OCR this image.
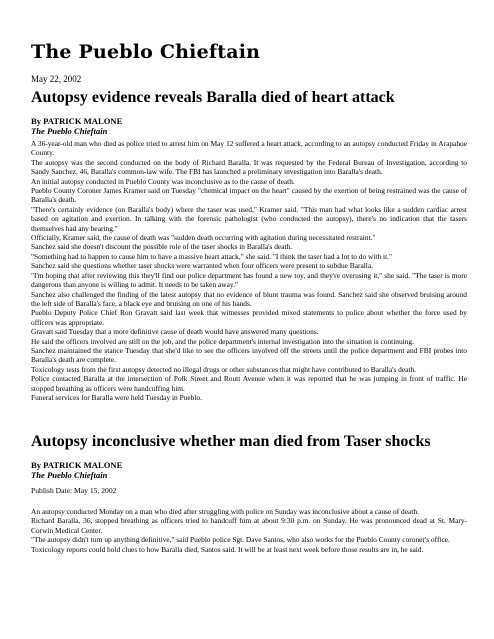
The Pueblo Chieftain
May 22, 2002
Autopsy evidence reveals Baralla died of heart attack
By PATRICK MALONE
The Pueblo Chieftain

A 36-year-old man who died as police tried to arrest him on May 12 suffered a heart attack, according to an autopsy conducted Friday in Arapahoe County.

The autopsy was the second conducted on the body of Richard Baralla. It was requested by the Federal Bureau of Investigation, according to Sandy Sanchez, 46, Baralla's common-law wife. The FBI has launched a preliminary investigation into Baralla's death.

An initial autopsy conducted in Pueblo County was inconclusive as to the cause of death.

Pueblo County Coroner James Kramer said on Tuesday "chemical impact on the heart" caused by the exertion of being restrained was the cause of Baralla's death.

"There's certainly evidence (on Baralla's body) where the taser was used," Kramer said. "This man had what looks like a sudden cardiac arrest based on agitation and exertion. In talking with the forensic pathologist (who conducted the autopsy), there's no indication that the tasers themselves had any bearing."

Officially, Kramer said, the cause of death was "sudden death occurring with agitation during necessitated restraint."

Sanchez said she doesn't discount the possible role of the taser shocks in Baralla's death.

"Something had to happen to cause him to have a massive heart attack," she said. "I think the taser had a lot to do with it."

Sanchez said she questions whether taser shocks were warranted when four officers were present to subdue Baralla.

"I'm hoping that after reviewing this they'll find our police department has found a new toy, and they're overusing it," she said. "The taser is more dangerous than anyone is willing to admit. It needs to be taken away."

Sanchez also challenged the finding of the latest autopsy that no evidence of blunt trauma was found. Sanchez said she observed bruising around the left side of Baralla's face, a black eye and bruising on one of his hands.

Pueblo Deputy Police Chief Ron Gravatt said last week that witnesses provided mixed statements to police about whether the force used by officers was appropriate.

Gravatt said Tuesday that a more definitive cause of death would have answered many questions.

He said the officers involved are still on the job, and the police department's internal investigation into the situation is continuing.

Sanchez maintained the stance Tuesday that she'd like to see the officers involved off the streets until the police department and FBI probes into Baralla's death are complete.

Toxicology tests from the first autopsy detected no illegal drugs or other substances that might have contributed to Baralla's death.

Police contacted Baralla at the intersection of Polk Street and Routt Avenue when it was reported that he was jumping in front of traffic. He stopped breathing as officers were handcuffing him.

Funeral services for Baralla were held Tuesday in Pueblo.

Autopsy inconclusive whether man died from Taser shocks
By PATRICK MALONE
The Pueblo Chieftain
Publish Date: May 15, 2002

An autopsy conducted Monday on a man who died after struggling with police on Sunday was inconclusive about a cause of death.

Richard Baralla, 36, stopped breathing as officers tried to handcuff him at about 9:30 p.m. on Sunday. He was pronounced dead at St. Mary-Corwin Medical Center.

"The autopsy didn't turn up anything definitive," said Pueblo police Sgt. Dave Santos, who also works for the Pueblo County coroner's office.

Toxicology reports could hold clues to how Baralla died, Santos said. It will be at least next week before those results are in, he said.
